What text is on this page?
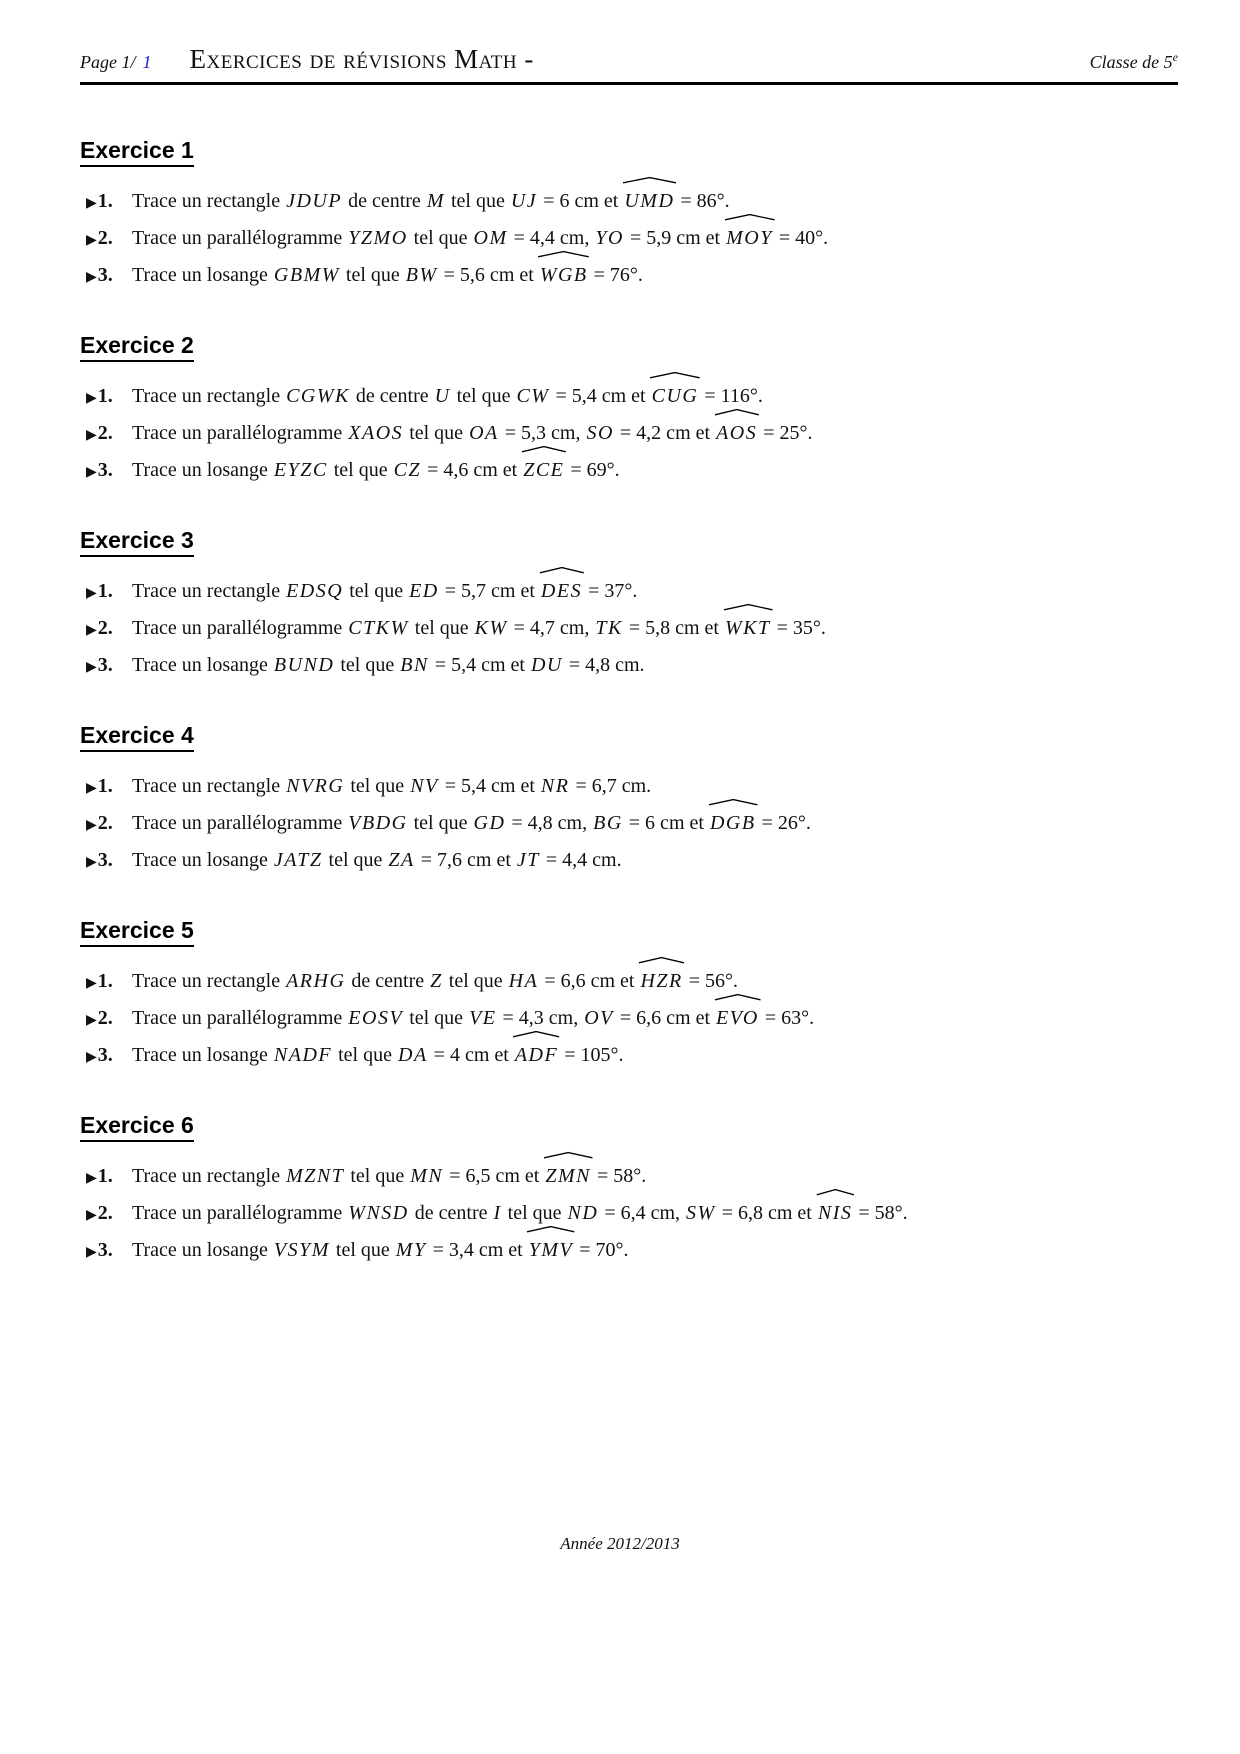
Page 1/ 1 Exercices de révisions Math -	Classe de 5e
Exercice 1
▶1. Trace un rectangle JDUP de centre M tel que UJ = 6 cm et
UMD = 86°.
▶2. Trace un parallélogramme YZMO tel que OM = 4,4 cm, YO = 5,9 cm et
MOY = 40°.
▶3. Trace un losange GBMW tel que BW = 5,6 cm et
WGB = 76°.
Exercice 2
▶1. Trace un rectangle CGWK de centre U tel que CW = 5,4 cm et
CUG = 116°.
▶2. Trace un parallélogramme XAOS tel que OA = 5,3 cm, SO = 4,2 cm et
AOS = 25°.
▶3. Trace un losange EYZC tel que CZ = 4,6 cm et
ZCE = 69°.
Exercice 3
▶1. Trace un rectangle EDSQ tel que ED = 5,7 cm et
DES = 37°.
▶2. Trace un parallélogramme CTKW tel que KW = 4,7 cm, TK = 5,8 cm et
WKT = 35°.
▶3. Trace un losange BUND tel que BN = 5,4 cm et DU = 4,8 cm.
Exercice 4
▶1. Trace un rectangle NVRG tel que NV = 5,4 cm et NR = 6,7 cm.
▶2. Trace un parallélogramme VBDG tel que GD = 4,8 cm, BG = 6 cm et
DGB = 26°.
▶3. Trace un losange JATZ tel que ZA = 7,6 cm et JT = 4,4 cm.
Exercice 5
▶1. Trace un rectangle ARHG de centre Z tel que HA = 6,6 cm et
HZR = 56°.
▶2. Trace un parallélogramme EOSV tel que VE = 4,3 cm, OV = 6,6 cm et
EVO = 63°.
▶3. Trace un losange NADF tel que DA = 4 cm et
ADF = 105°.
Exercice 6
▶1. Trace un rectangle MZNT tel que MN = 6,5 cm et
ZMN = 58°.
▶2. Trace un parallélogramme WNSD de centre I tel que ND = 6,4 cm, SW = 6,8 cm et
NIS = 58°.
▶3. Trace un losange VSYM tel que MY = 3,4 cm et
YMV = 70°.
Année 2012/2013
